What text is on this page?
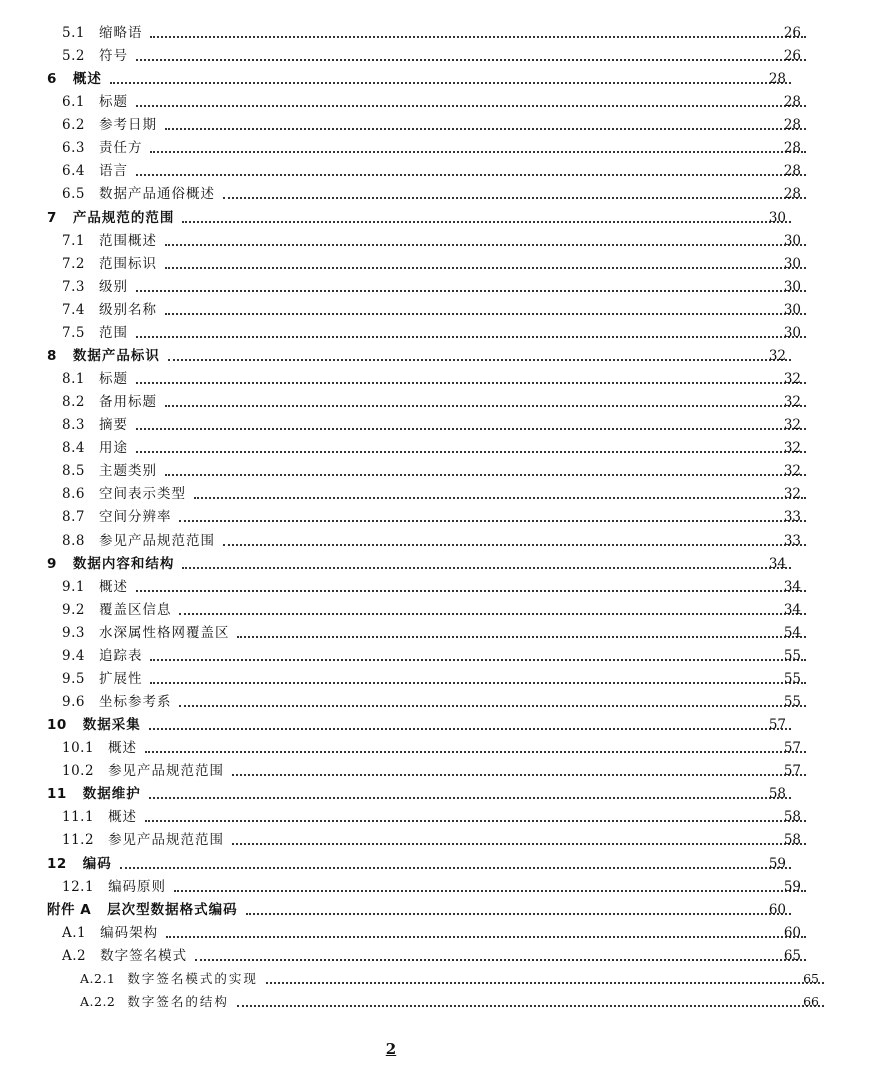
5.1 缩略语	26
5.2 符号	26
6 概述	28
6.1 标题	28
6.2 参考日期	28
6.3 责任方	28
6.4 语言	28
6.5 数据产品通俗概述	28
7 产品规范的范围	30
7.1 范围概述	30
7.2 范围标识	30
7.3 级别	30
7.4 级别名称	30
7.5 范围	30
8 数据产品标识	32
8.1 标题	32
8.2 备用标题	32
8.3 摘要	32
8.4 用途	32
8.5 主题类别	32
8.6 空间表示类型	32
8.7 空间分辨率	33
8.8 参见产品规范范围	33
9 数据内容和结构	34
9.1 概述	34
9.2 覆盖区信息	34
9.3 水深属性格网覆盖区	54
9.4 追踪表	55
9.5 扩展性	55
9.6 坐标参考系	55
10 数据采集	57
10.1 概述	57
10.2 参见产品规范范围	57
11 数据维护	58
11.1 概述	58
11.2 参见产品规范范围	58
12 编码	59
12.1 编码原则	59
附件 A 层次型数据格式编码	60
A.1 编码架构	60
A.2 数字签名模式	65
A.2.1 数字签名模式的实现	65
A.2.2 数字签名的结构	66
2
